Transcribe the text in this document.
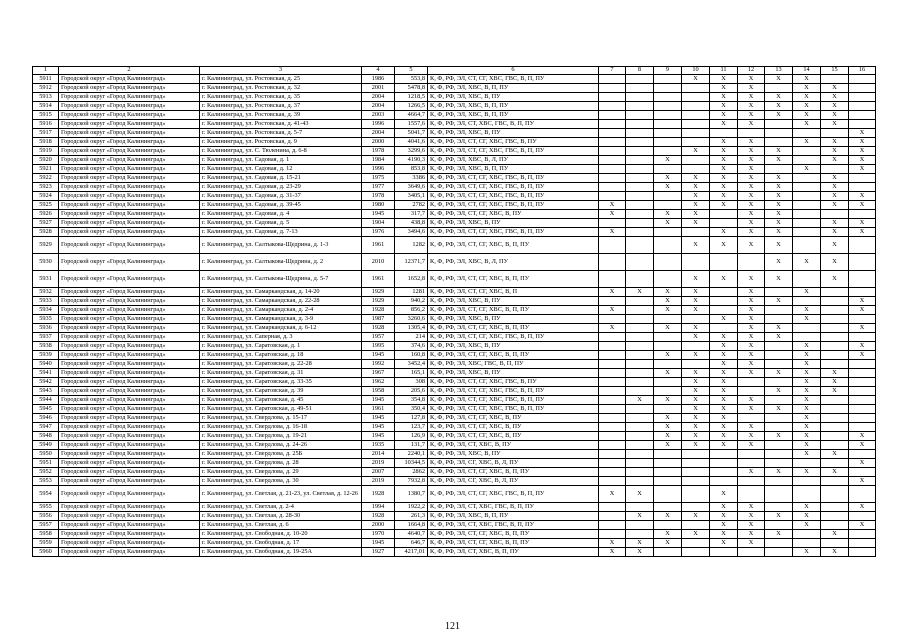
1	2	3	4	5	6	7	8	9	10	11	12	13	14	15	16
5911	Городской округ «Город Калининград»	г. Калининград, ул. Ростовская, д. 25	1986	553,8	К, Ф, РФ, ЭЛ, СТ, СГ, ХВС, ГВС, В, П, ПУ				X	X	X	X	X		
5912	Городской округ «Город Калининград»	г. Калининград, ул. Ростовская, д. 32	2001	5478,8	К, Ф, РФ, ЭЛ, ХВС, В, П, ПУ					X	X		X	X	
5913	Городской округ «Город Калининград»	г. Калининград, ул. Ростовская, д. 35	2004	1218,5	К, Ф, РФ, ЭЛ, ХВС, В, ПУ					X	X	X	X	X	
5914	Городской округ «Город Калининград»	г. Калининград, ул. Ростовская, д. 37	2004	1266,5	К, Ф, РФ, ЭЛ, ХВС, В, П, ПУ					X	X	X	X	X	
5915	Городской округ «Город Калининград»	г. Калининград, ул. Ростовская, д. 39	2003	4664,7	К, Ф, РФ, ЭЛ, ХВС, В, П, ПУ					X	X	X	X	X	
5916	Городской округ «Город Калининград»	г. Калининград, ул. Ростовская, д. 41-43	1996	1557,6	К, Ф, РФ, ЭЛ, СТ, ХВС, ГВС, В, П, ПУ					X	X		X	X	
5917	Городской округ «Город Калининград»	г. Калининград, ул. Ростовская, д. 5-7	2004	5041,7	К, Ф, РФ, ЭЛ, ХВС, В, ПУ										X
5918	Городской округ «Город Калининград»	г. Калининград, ул. Ростовская, д. 9	2000	4041,6	К, Ф, РФ, ЭЛ, СТ, СГ, ХВС, ГВС, В, ПУ					X	X		X	X	X
5919	Городской округ «Город Калининград»	г. Калининград, ул. С. Тюленина, д. 6-8	1978	3299,6	К, Ф, РФ, ЭЛ, СТ, СГ, ХВС, ГВС, В, П, ПУ				X	X	X	X		X	X
5920	Городской округ «Город Калининград»	г. Калининград, ул. Садовая, д. 1	1984	4190,3	К, Ф, РФ, ЭЛ, ХВС, В, Л, ПУ			X		X	X	X		X	X
5921	Городской округ «Город Калининград»	г. Калининград, ул. Садовая, д. 12	1996	853,8	К, Ф, РФ, ЭЛ, ХВС, В, П, ПУ					X	X		X		X
5922	Городской округ «Город Калининград»	г. Калининград, ул. Садовая, д. 15-21	1975	3386	К, Ф, РФ, ЭЛ, СТ, СГ, ХВС, ГВС, В, П, ПУ			X	X	X	X	X		X	
5923	Городской округ «Город Калининград»	г. Калининград, ул. Садовая, д. 23-29	1977	3649,6	К, Ф, РФ, ЭЛ, СТ, СГ, ХВС, ГВС, В, П, ПУ			X	X	X	X	X		X	
5924	Городской округ «Город Калининград»	г. Калининград, ул. Садовая, д. 31-37	1978	3405,1	К, Ф, РФ, ЭЛ, СТ, СГ, ХВС, ГВС, В, П, ПУ				X	X	X	X		X	X
5925	Городской округ «Город Калининград»	г. Калининград, ул. Садовая, д. 39-45	1980	2782	К, Ф, РФ, ЭЛ, СТ, СГ, ХВС, ГВС, В, П, ПУ	X			X	X	X	X		X	X
5926	Городской округ «Город Калининград»	г. Калининград, ул. Садовая, д. 4	1945	317,7	К, Ф, РФ, ЭЛ, СТ, СГ, ХВС, В, ПУ	X		X	X		X	X			
5927	Городской округ «Город Калининград»	г. Калининград, ул. Садовая, д. 5	1904	438,8	К, Ф, РФ, ЭЛ, ХВС, В, ПУ			X	X		X	X		X	X
5928	Городской округ «Город Калининград»	г. Калининград, ул. Садовая, д. 7-13	1976	3494,6	К, Ф, РФ, ЭЛ, СТ, СГ, ХВС, ГВС, В, П, ПУ	X				X	X	X		X	X
5929	Городской округ «Город Калининград»	г. Калининград, ул. Салтыкова-Щедрина, д. 1-3	1961	1282	К, Ф, РФ, ЭЛ, СТ, СГ, ХВС, В, П, ПУ				X	X	X	X		X	
5930	Городской округ «Город Калининград»	г. Калининград, ул. Салтыкова-Щедрина, д. 2	2010	12371,7	К, Ф, РФ, ЭЛ, ХВС, В, Л, ПУ							X	X	X	
5931	Городской округ «Город Калининград»	г. Калининград, ул. Салтыкова-Щедрина, д. 5-7	1961	1652,8	К, Ф, РФ, ЭЛ, СТ, СГ, ХВС, В, П, ПУ				X	X	X	X		X	
5932	Городской округ «Город Калининград»	г. Калининград, ул. Самаркандская, д. 14-20	1929	1281	К, Ф, РФ, ЭЛ, СТ, СГ, ХВС, В, П	X	X	X	X		X		X		
5933	Городской округ «Город Калининград»	г. Калининград, ул. Самаркандская, д. 22-28	1929	940,2	К, Ф, РФ, ЭЛ, ХВС, В, ПУ			X	X		X	X			X
5934	Городской округ «Город Калининград»	г. Калининград, ул. Самаркандская, д. 2-4	1928	856,2	К, Ф, РФ, ЭЛ, СТ, СГ, ХВС, В, П, ПУ	X		X	X		X		X		X
5935	Городской округ «Город Калининград»	г. Калининград, ул. Самаркандская, д. 3-9	1987	3260,6	К, Ф, РФ, ЭЛ, ХВС, В, ПУ					X	X		X		
5936	Городской округ «Город Калининград»	г. Калининград, ул. Самаркандская, д. 6-12	1928	1305,4	К, Ф, РФ, ЭЛ, СТ, СГ, ХВС, В, П, ПУ	X		X	X		X	X			X
5937	Городской округ «Город Калининград»	г. Калининград, ул. Саперная, д. 3	1957	214	К, Ф, РФ, ЭЛ, СТ, СГ, ХВС, ГВС, В, П, ПУ				X	X	X	X			
5938	Городской округ «Город Калининград»	г. Калининград, ул. Саратовская, д. 1	1995	374,6	К, Ф, РФ, ЭЛ, ХВС, В, ПУ					X	X		X		X
5939	Городской округ «Город Калининград»	г. Калининград, ул. Саратовская, д. 18	1945	160,8	К, Ф, РФ, ЭЛ, СТ, СГ, ХВС, В, П, ПУ			X	X	X	X		X		X
5940	Городской округ «Город Калининград»	г. Калининград, ул. Саратовская, д. 22-28	1992	3452,4	К, Ф, РФ, ЭЛ, ХВС, ГВС, В, П, ПУ					X	X		X		
5941	Городской округ «Город Калининград»	г. Калининград, ул. Саратовская, д. 31	1967	165,1	К, Ф, РФ, ЭЛ, ХВС, В, ПУ			X	X	X	X	X	X	X	
5942	Городской округ «Город Калининград»	г. Калининград, ул. Саратовская, д. 33-35	1962	308	К, Ф, РФ, ЭЛ, СТ, СГ, ХВС, ГВС, В, ПУ				X	X			X	X	
5943	Городской округ «Город Калининград»	г. Калининград, ул. Саратовская, д. 39	1958	205,6	К, Ф, РФ, ЭЛ, СТ, СГ, ХВС, ГВС, В, П, ПУ				X	X		X	X	X	
5944	Городской округ «Город Калининград»	г. Калининград, ул. Саратовская, д. 45	1945	354,8	К, Ф, РФ, ЭЛ, СТ, СГ, ХВС, ГВС, В, П, ПУ		X	X	X	X	X		X		
5945	Городской округ «Город Калининград»	г. Калининград, ул. Саратовская, д. 49-51	1961	350,4	К, Ф, РФ, ЭЛ, СТ, СГ, ХВС, ГВС, В, П, ПУ				X	X	X	X	X		
5946	Городской округ «Город Калининград»	г. Калининград, ул. Свердлова, д. 15-17	1945	127,8	К, Ф, РФ, ЭЛ, СТ, СГ, ХВС, В, ПУ			X	X	X			X		
5947	Городской округ «Город Калининград»	г. Калининград, ул. Свердлова, д. 16-18	1945	123,7	К, Ф, РФ, ЭЛ, СТ, СГ, ХВС, В, ПУ			X	X	X	X		X		
5948	Городской округ «Город Калининград»	г. Калининград, ул. Свердлова, д. 19-21	1945	126,9	К, Ф, РФ, ЭЛ, СТ, СГ, ХВС, В, ПУ			X	X	X	X	X	X		X
5949	Городской округ «Город Калининград»	г. Калининград, ул. Свердлова, д. 24-26	1935	131,7	К, Ф, РФ, ЭЛ, СТ, ХВС, В, ПУ			X	X	X	X		X		X
5950	Городской округ «Город Калининград»	г. Калининград, ул. Свердлова, д. 25Б	2014	2240,1	К, Ф, РФ, ЭЛ, ХВС, В, ПУ								X	X	
5951	Городской округ «Город Калининград»	г. Калининград, ул. Свердлова, д. 28	2019	10344,5	К, Ф, РФ, ЭЛ, СГ, ХВС, В, Л, ПУ										X
5952	Городской округ «Город Калининград»	г. Калининград, ул. Свердлова, д. 29	2007	2862	К, Ф, РФ, ЭЛ, СТ, СГ, ХВС, В, П, ПУ						X	X	X	X	
5953	Городской округ «Город Калининград»	г. Калининград, ул. Свердлова, д. 30	2019	7932,8	К, Ф, РФ, ЭЛ, СГ, ХВС, В, Л, ПУ										X
5954	Городской округ «Город Калининград»	г. Калининград, ул. Светлая, д. 21-23, ул. Светлая, д. 12-26	1928	1380,7	К, Ф, РФ, ЭЛ, СТ, СГ, ХВС, ГВС, В, П, ПУ	X	X			X					
5955	Городской округ «Город Калининград»	г. Калининград, ул. Светлая, д. 2-4	1994	1922,2	К, Ф, РФ, ЭЛ, СТ, ХВС, ГВС, В, П, ПУ					X	X		X		X
5956	Городской округ «Город Калининград»	г. Калининград, ул. Светлая, д. 28-30	1928	261,3	К, Ф, РФ, ЭЛ, ХВС, В, П, ПУ		X	X	X	X	X	X	X		
5957	Городской округ «Город Калининград»	г. Калининград, ул. Светлая, д. 6	2000	1664,8	К, Ф, РФ, ЭЛ, СТ, ХВС, ГВС, В, П, ПУ					X	X		X		X
5958	Городской округ «Город Калининград»	г. Калининград, ул. Свободная, д. 10-20	1970	4640,7	К, Ф, РФ, ЭЛ, СТ, СГ, ХВС, В, П, ПУ			X	X	X	X	X		X	
5959	Городской округ «Город Калининград»	г. Калининград, ул. Свободная, д. 17	1945	646,7	К, Ф, РФ, ЭЛ, СТ, СГ, ХВС, В, П, ПУ	X	X	X		X	X				
5960	Городской округ «Город Калининград»	г. Калининград, ул. Свободная, д. 19-25А	1927	4217,01	К, Ф, РФ, ЭЛ, СТ, ХВС, В, П, ПУ	X	X						X	X	
121
